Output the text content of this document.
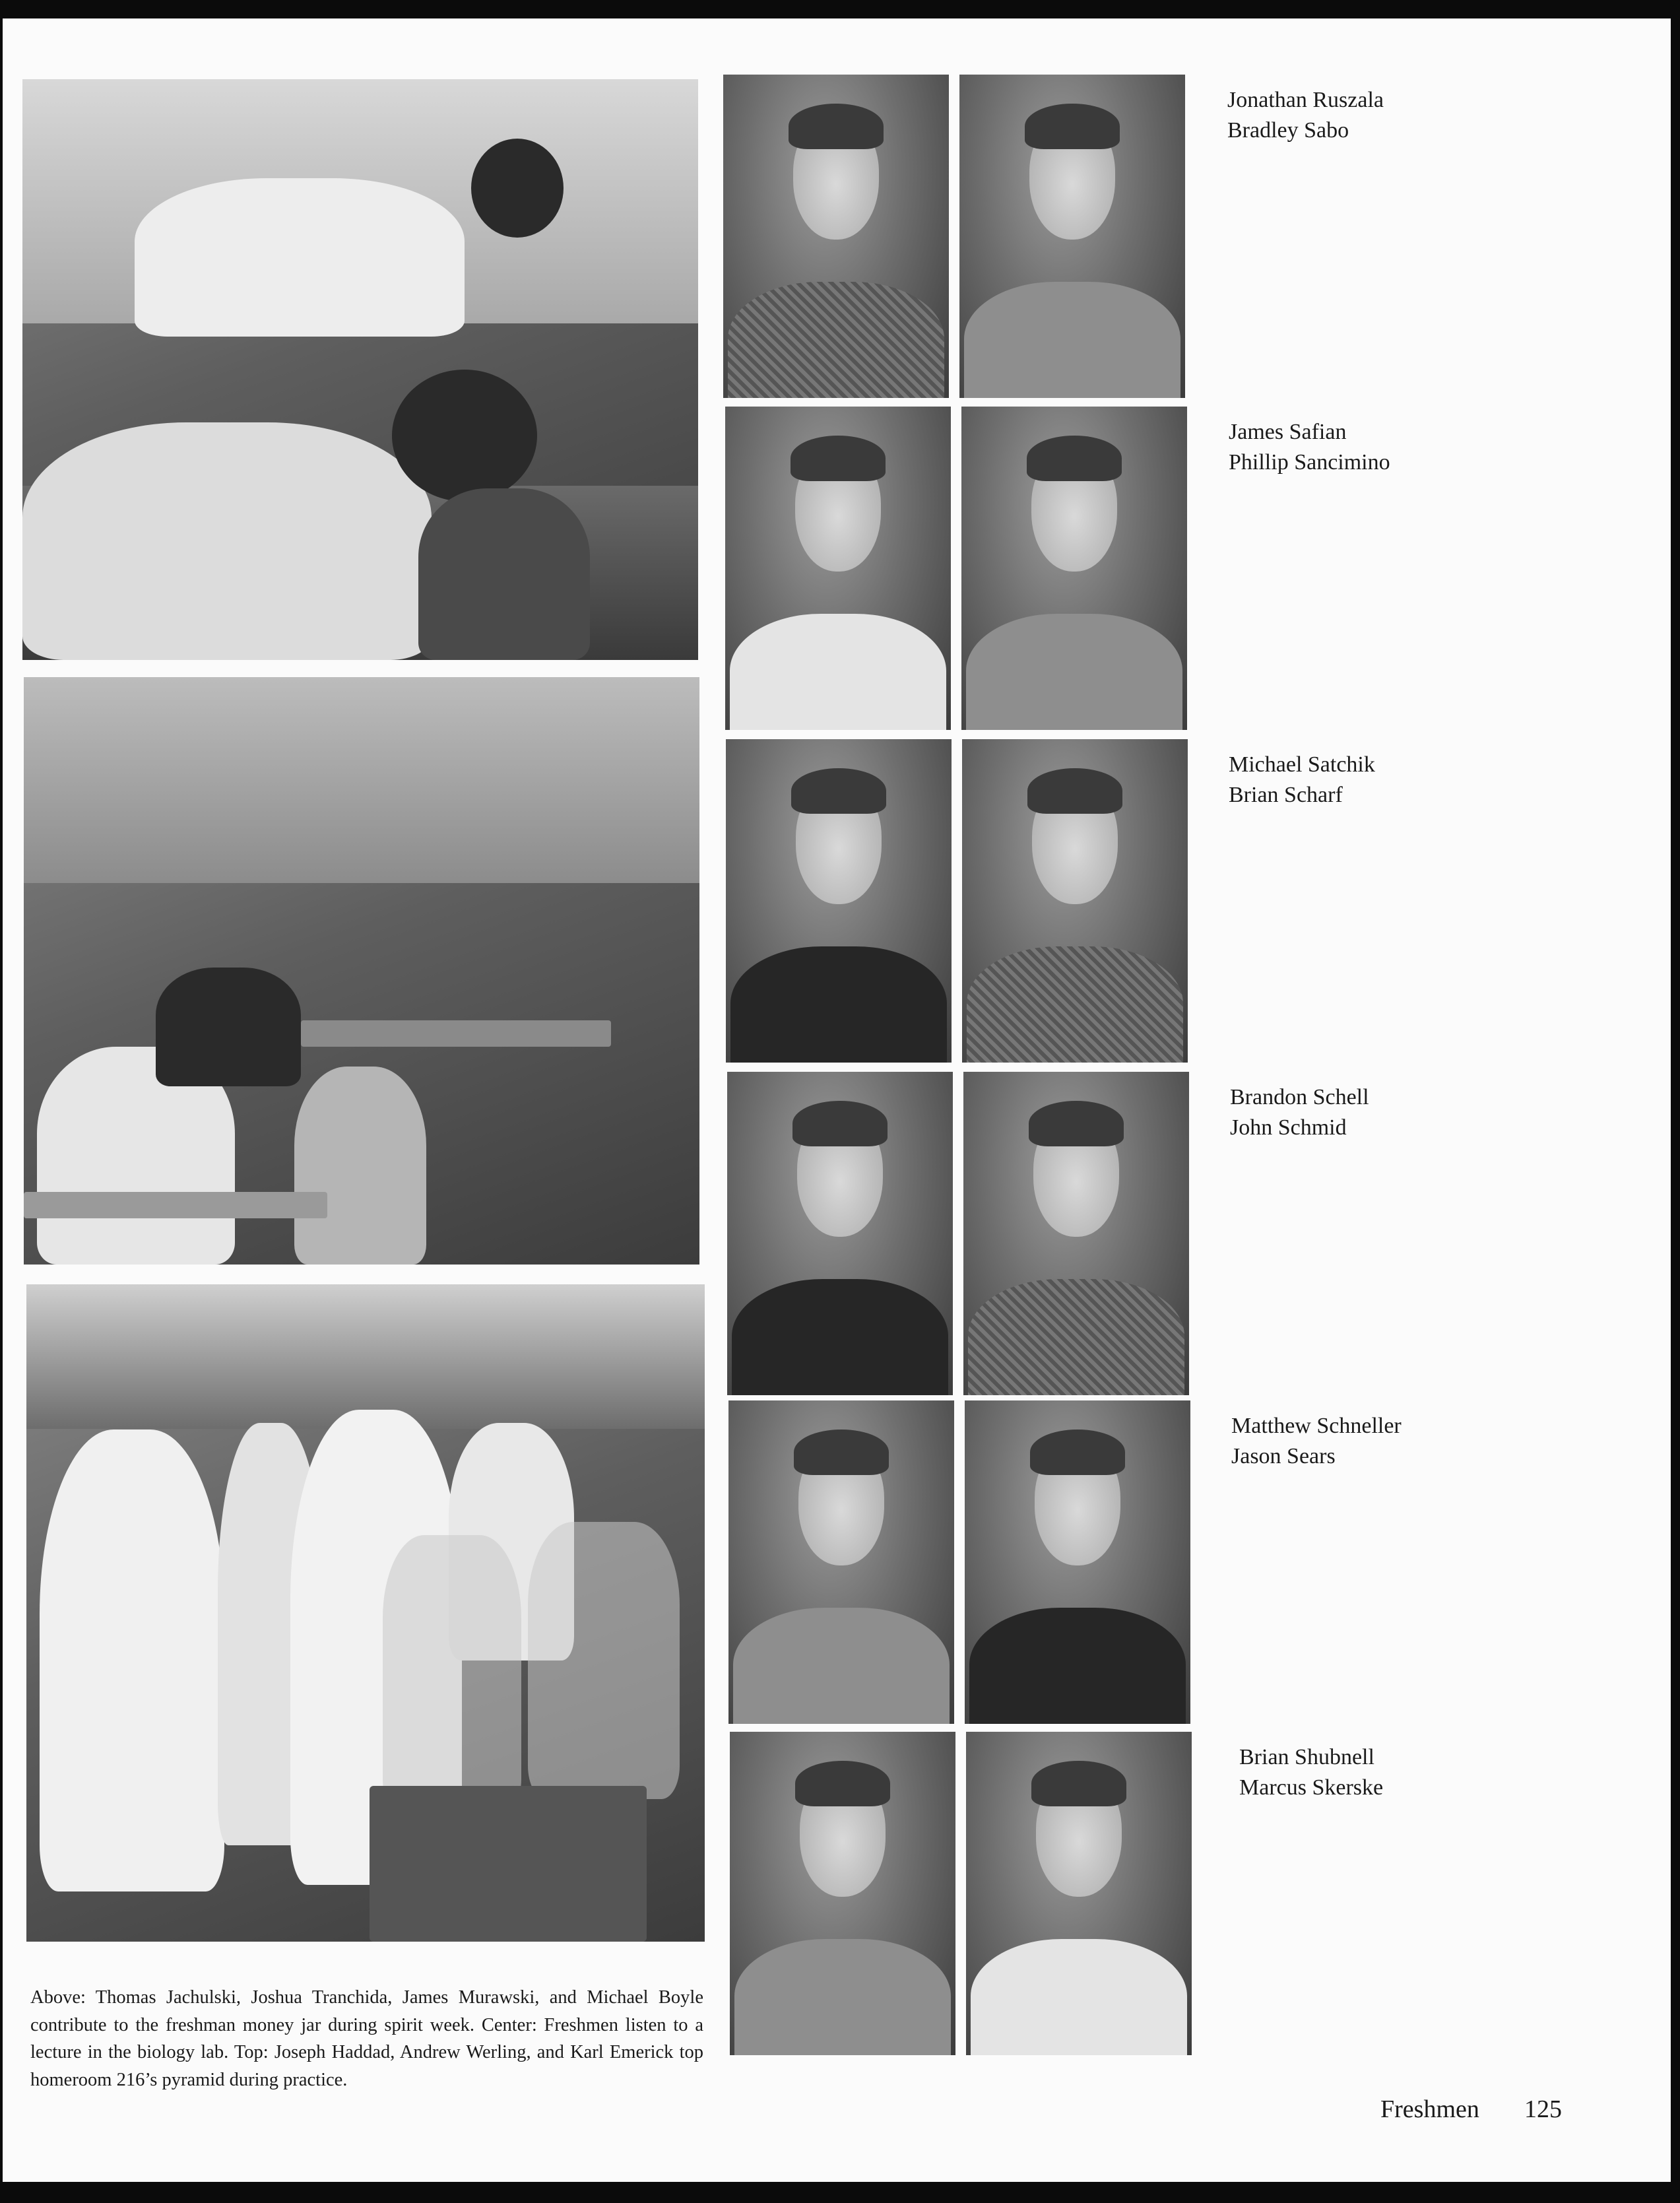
Jonathan Ruszala
Bradley Sabo
James Safian
Phillip Sancimino
Michael Satchik
Brian Scharf
Brandon Schell
John Schmid
Matthew Schneller
Jason Sears
Brian Shubnell
Marcus Skerske
Above: Thomas Jachulski, Joshua Tranchida, James Murawski, and Michael Boyle contribute to the freshman money jar during spirit week. Center: Freshmen listen to a lecture in the biology lab. Top: Joseph Haddad, Andrew Werling, and Karl Emerick top homeroom 216’s pyramid during practice.
Freshmen 125
